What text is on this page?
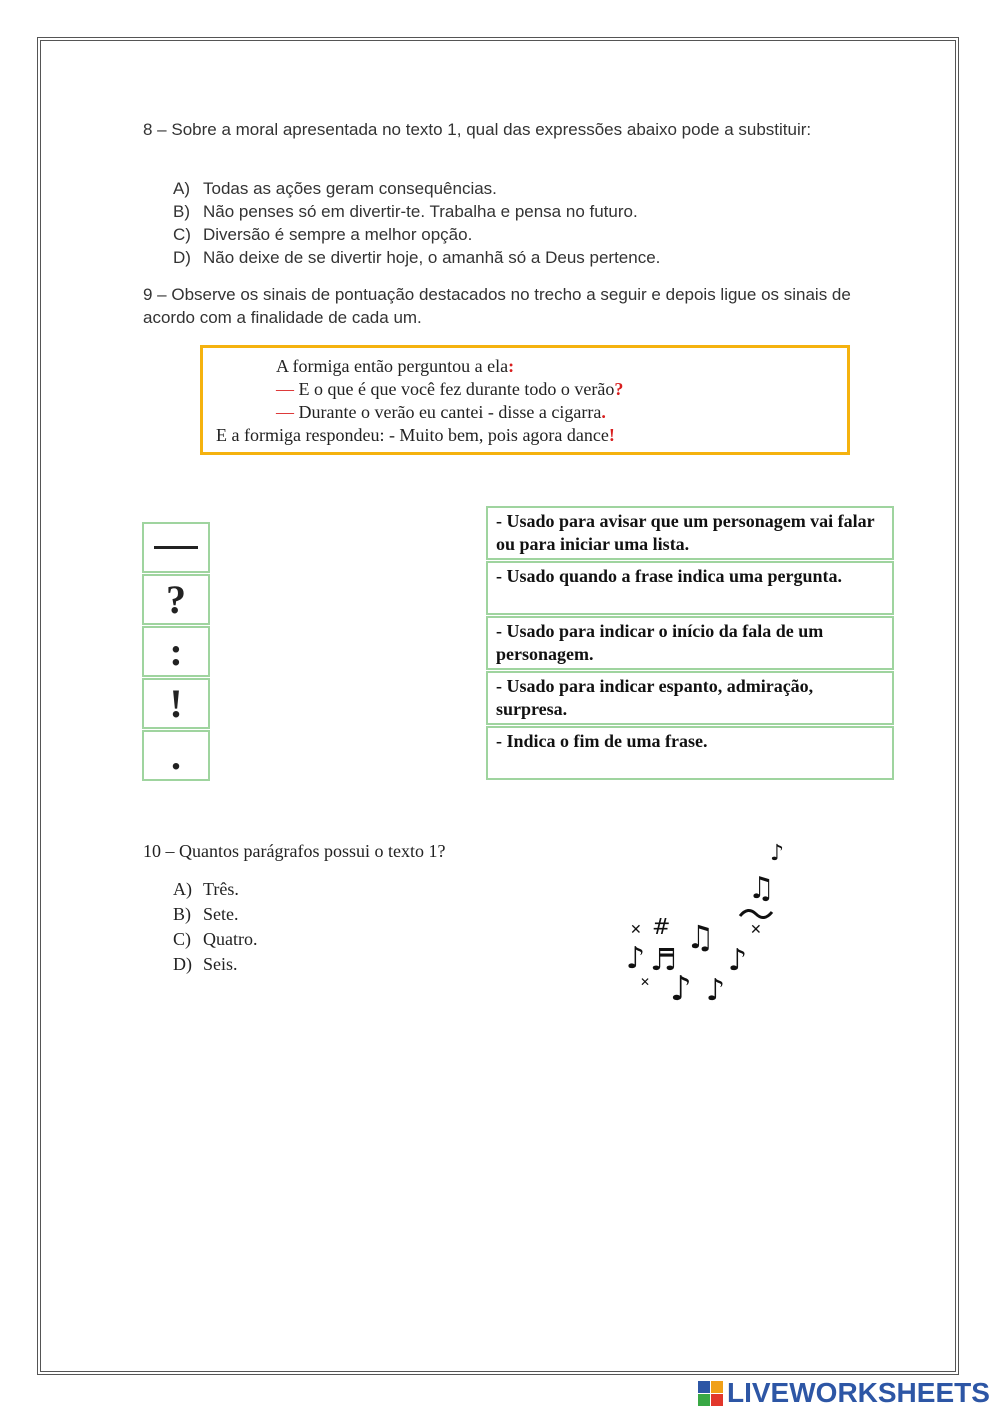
8 – Sobre a moral apresentada no texto 1, qual das expressões abaixo pode a substituir:
A) Todas as ações geram consequências.
B) Não penses só em divertir-te. Trabalha e pensa no futuro.
C) Diversão é sempre a melhor opção.
D) Não deixe de se divertir hoje, o amanhã só a Deus pertence.
9 – Observe os sinais de pontuação destacados no trecho a seguir e depois ligue os sinais de acordo com a finalidade de cada um.
A formiga então perguntou a ela:
— E o que é que você fez durante todo o verão?
— Durante o verão eu cantei - disse a cigarra.
E a formiga respondeu: - Muito bem, pois agora dance!
?
:
!
.
- Usado para avisar que um personagem vai falar ou para iniciar uma lista.
- Usado quando a frase indica uma pergunta.
- Usado para indicar o início da fala de um personagem.
- Usado para indicar espanto, admiração, surpresa.
- Indica o fim de uma frase.
10 – Quantos parágrafos possui o texto 1?
A) Três.
B) Sete.
C) Quatro.
D) Seis.
♫
♪
# ♫
♪ ♬ ♪
♪ ♪
✕	✕
✕
LIVEWORKSHEETS
